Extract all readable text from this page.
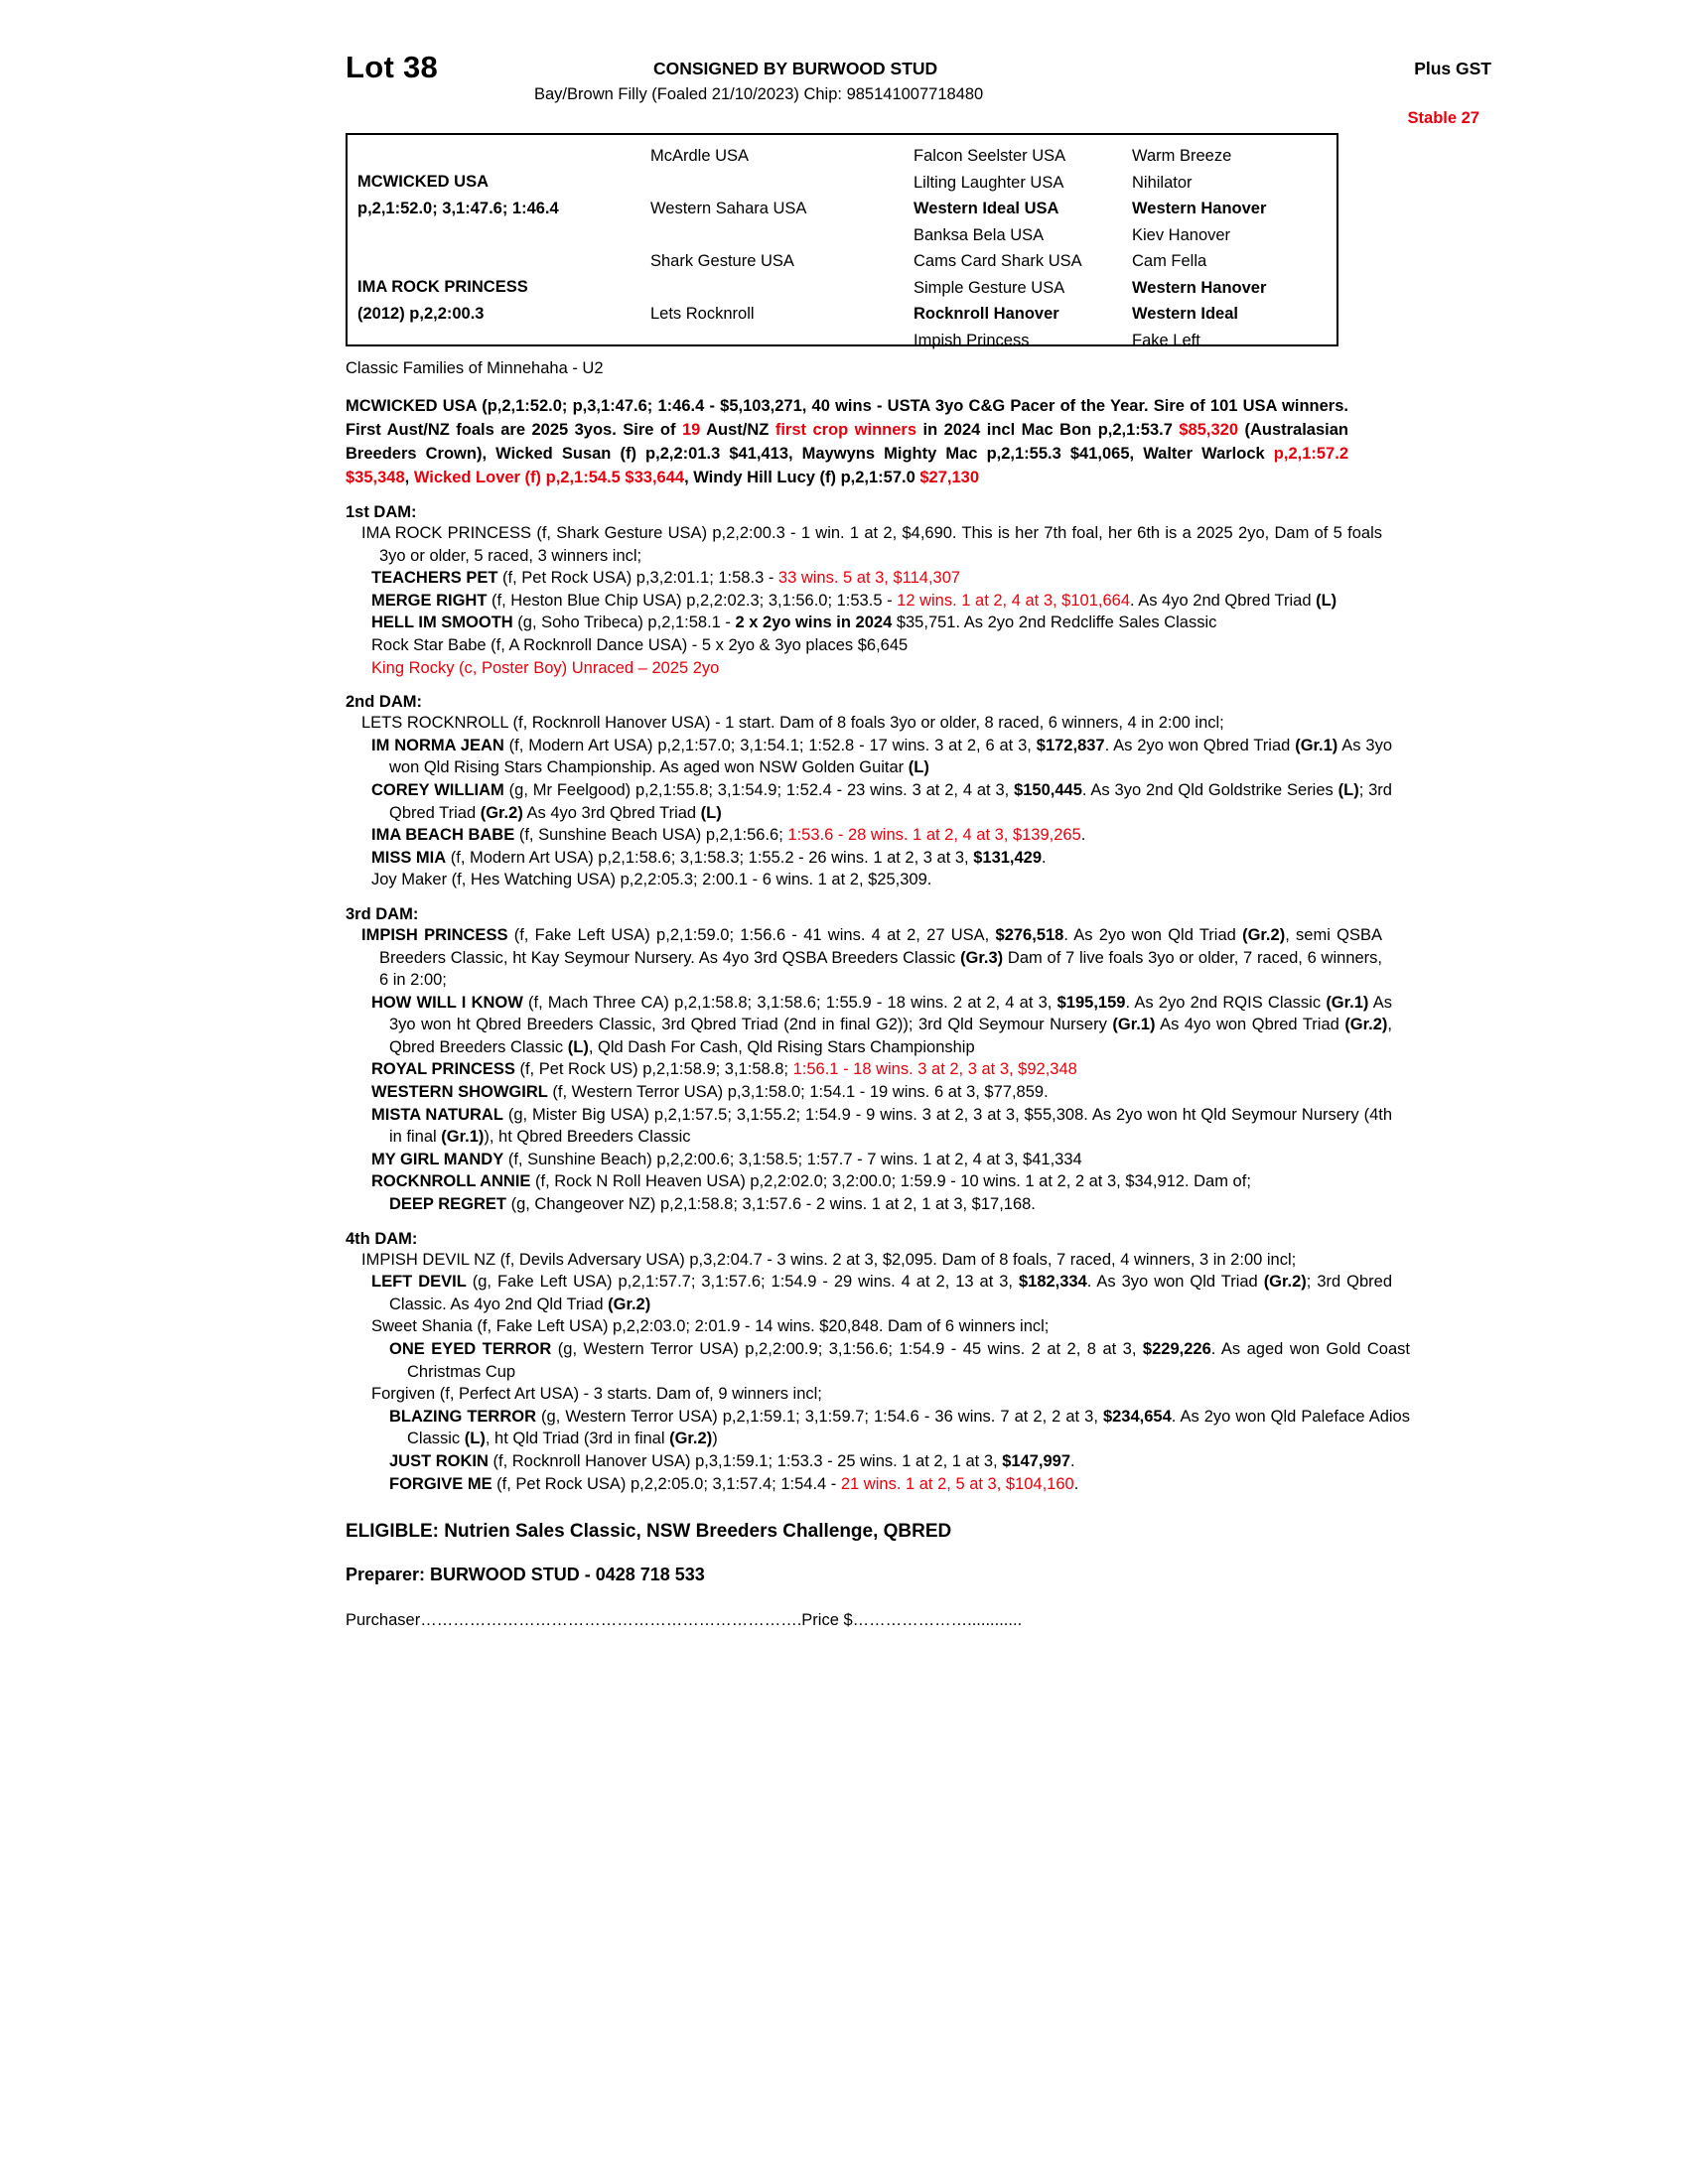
Lot 38	CONSIGNED BY BURWOOD STUD	Plus GST
Bay/Brown Filly (Foaled 21/10/2023) Chip: 985141007718480
Stable 27
MCWICKED USA
p,2,1:52.0; 3,1:47.6; 1:46.4
IMA ROCK PRINCESS
(2012) p,2,2:00.3
McArdle USA
Western Sahara USA
Shark Gesture USA
Lets Rocknroll
Falcon Seelster USA
Lilting Laughter USA
Western Ideal USA
Banksa Bela USA
Cams Card Shark USA
Simple Gesture USA
Rocknroll Hanover
Impish Princess
Warm Breeze
Nihilator
Western Hanover
Kiev Hanover
Cam Fella
Western Hanover
Western Ideal
Fake Left
Classic Families of Minnehaha - U2
MCWICKED USA (p,2,1:52.0; p,3,1:47.6; 1:46.4 - $5,103,271, 40 wins - USTA 3yo C&G Pacer of the Year. Sire of 101 USA winners. First Aust/NZ foals are 2025 3yos. Sire of 19 Aust/NZ first crop winners in 2024 incl Mac Bon p,2,1:53.7 $85,320 (Australasian Breeders Crown), Wicked Susan (f) p,2,2:01.3 $41,413, Maywyns Mighty Mac p,2,1:55.3 $41,065, Walter Warlock p,2,1:57.2 $35,348, Wicked Lover (f) p,2,1:54.5 $33,644, Windy Hill Lucy (f) p,2,1:57.0 $27,130
1st DAM:
IMA ROCK PRINCESS (f, Shark Gesture USA) p,2,2:00.3 - 1 win. 1 at 2, $4,690. This is her 7th foal, her 6th is a 2025 2yo, Dam of 5 foals 3yo or older, 5 raced, 3 winners incl;
TEACHERS PET (f, Pet Rock USA) p,3,2:01.1; 1:58.3 - 33 wins. 5 at 3, $114,307
MERGE RIGHT (f, Heston Blue Chip USA) p,2,2:02.3; 3,1:56.0; 1:53.5 - 12 wins. 1 at 2, 4 at 3, $101,664. As 4yo 2nd Qbred Triad (L)
HELL IM SMOOTH (g, Soho Tribeca) p,2,1:58.1 - 2 x 2yo wins in 2024 $35,751. As 2yo 2nd Redcliffe Sales Classic
Rock Star Babe (f, A Rocknroll Dance USA) - 5 x 2yo & 3yo places $6,645
King Rocky (c, Poster Boy) Unraced – 2025 2yo
2nd DAM:
LETS ROCKNROLL (f, Rocknroll Hanover USA) - 1 start. Dam of 8 foals 3yo or older, 8 raced, 6 winners, 4 in 2:00 incl;
IM NORMA JEAN (f, Modern Art USA) p,2,1:57.0; 3,1:54.1; 1:52.8 - 17 wins. 3 at 2, 6 at 3, $172,837. As 2yo won Qbred Triad (Gr.1) As 3yo won Qld Rising Stars Championship. As aged won NSW Golden Guitar (L)
COREY WILLIAM (g, Mr Feelgood) p,2,1:55.8; 3,1:54.9; 1:52.4 - 23 wins. 3 at 2, 4 at 3, $150,445. As 3yo 2nd Qld Goldstrike Series (L); 3rd Qbred Triad (Gr.2) As 4yo 3rd Qbred Triad (L)
IMA BEACH BABE (f, Sunshine Beach USA) p,2,1:56.6; 1:53.6 - 28 wins. 1 at 2, 4 at 3, $139,265.
MISS MIA (f, Modern Art USA) p,2,1:58.6; 3,1:58.3; 1:55.2 - 26 wins. 1 at 2, 3 at 3, $131,429.
Joy Maker (f, Hes Watching USA) p,2,2:05.3; 2:00.1 - 6 wins. 1 at 2, $25,309.
3rd DAM:
IMPISH PRINCESS (f, Fake Left USA) p,2,1:59.0; 1:56.6 - 41 wins. 4 at 2, 27 USA, $276,518. As 2yo won Qld Triad (Gr.2), semi QSBA Breeders Classic, ht Kay Seymour Nursery. As 4yo 3rd QSBA Breeders Classic (Gr.3) Dam of 7 live foals 3yo or older, 7 raced, 6 winners, 6 in 2:00;
HOW WILL I KNOW (f, Mach Three CA) p,2,1:58.8; 3,1:58.6; 1:55.9 - 18 wins. 2 at 2, 4 at 3, $195,159. As 2yo 2nd RQIS Classic (Gr.1) As 3yo won ht Qbred Breeders Classic, 3rd Qbred Triad (2nd in final G2)); 3rd Qld Seymour Nursery (Gr.1) As 4yo won Qbred Triad (Gr.2), Qbred Breeders Classic (L), Qld Dash For Cash, Qld Rising Stars Championship
ROYAL PRINCESS (f, Pet Rock US) p,2,1:58.9; 3,1:58.8; 1:56.1 - 18 wins. 3 at 2, 3 at 3, $92,348
WESTERN SHOWGIRL (f, Western Terror USA) p,3,1:58.0; 1:54.1 - 19 wins. 6 at 3, $77,859.
MISTA NATURAL (g, Mister Big USA) p,2,1:57.5; 3,1:55.2; 1:54.9 - 9 wins. 3 at 2, 3 at 3, $55,308. As 2yo won ht Qld Seymour Nursery (4th in final (Gr.1)), ht Qbred Breeders Classic
MY GIRL MANDY (f, Sunshine Beach) p,2,2:00.6; 3,1:58.5; 1:57.7 - 7 wins. 1 at 2, 4 at 3, $41,334
ROCKNROLL ANNIE (f, Rock N Roll Heaven USA) p,2,2:02.0; 3,2:00.0; 1:59.9 - 10 wins. 1 at 2, 2 at 3, $34,912. Dam of;
DEEP REGRET (g, Changeover NZ) p,2,1:58.8; 3,1:57.6 - 2 wins. 1 at 2, 1 at 3, $17,168.
4th DAM:
IMPISH DEVIL NZ (f, Devils Adversary USA) p,3,2:04.7 - 3 wins. 2 at 3, $2,095. Dam of 8 foals, 7 raced, 4 winners, 3 in 2:00 incl;
LEFT DEVIL (g, Fake Left USA) p,2,1:57.7; 3,1:57.6; 1:54.9 - 29 wins. 4 at 2, 13 at 3, $182,334. As 3yo won Qld Triad (Gr.2); 3rd Qbred Classic. As 4yo 2nd Qld Triad (Gr.2)
Sweet Shania (f, Fake Left USA) p,2,2:03.0; 2:01.9 - 14 wins. $20,848. Dam of 6 winners incl;
ONE EYED TERROR (g, Western Terror USA) p,2,2:00.9; 3,1:56.6; 1:54.9 - 45 wins. 2 at 2, 8 at 3, $229,226. As aged won Gold Coast Christmas Cup
Forgiven (f, Perfect Art USA) - 3 starts. Dam of, 9 winners incl;
BLAZING TERROR (g, Western Terror USA) p,2,1:59.1; 3,1:59.7; 1:54.6 - 36 wins. 7 at 2, 2 at 3, $234,654. As 2yo won Qld Paleface Adios Classic (L), ht Qld Triad (3rd in final (Gr.2))
JUST ROKIN (f, Rocknroll Hanover USA) p,3,1:59.1; 1:53.3 - 25 wins. 1 at 2, 1 at 3, $147,997.
FORGIVE ME (f, Pet Rock USA) p,2,2:05.0; 3,1:57.4; 1:54.4 - 21 wins. 1 at 2, 5 at 3, $104,160.
ELIGIBLE: Nutrien Sales Classic, NSW Breeders Challenge, QBRED
Preparer: BURWOOD STUD - 0428 718 533
Purchaser…………………………………………………………….Price $…………………............
